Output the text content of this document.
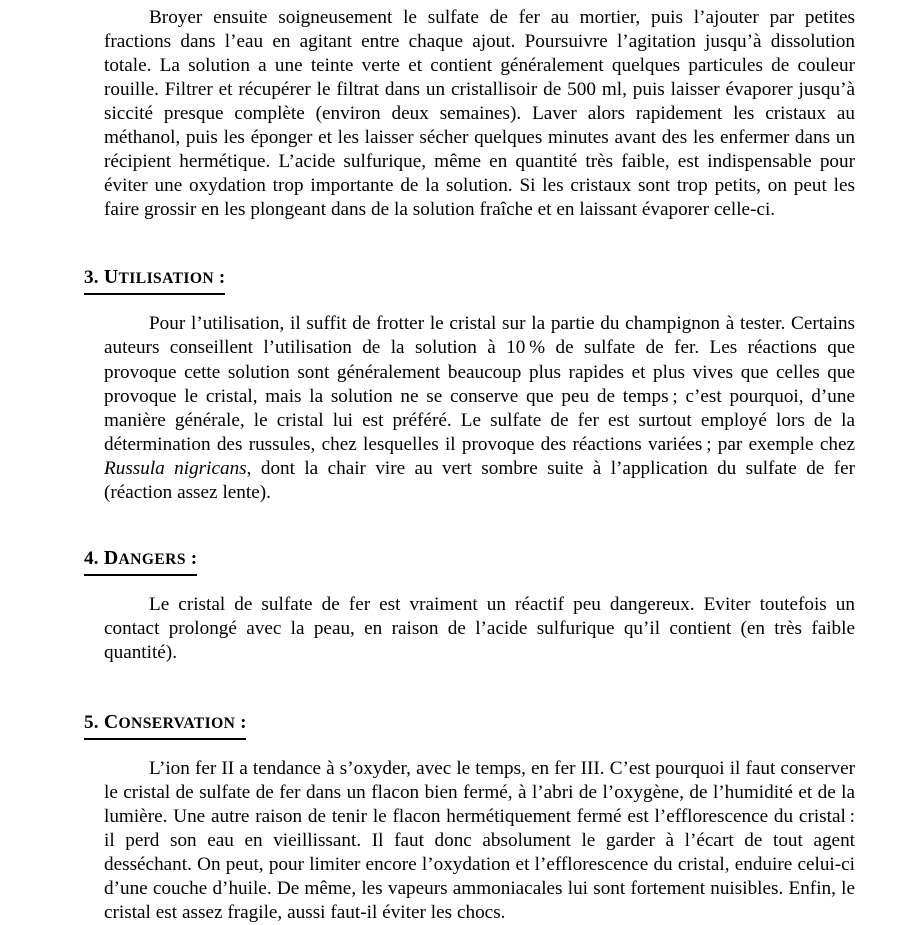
Broyer ensuite soigneusement le sulfate de fer au mortier, puis l’ajouter par petites fractions dans l’eau en agitant entre chaque ajout. Poursuivre l’agitation jusqu’à dissolution totale. La solution a une teinte verte et contient généralement quelques particules de couleur rouille. Filtrer et récupérer le filtrat dans un cristallisoir de 500 ml, puis laisser évaporer jusqu’à siccité presque complète (environ deux semaines). Laver alors rapidement les cristaux au méthanol, puis les éponger et les laisser sécher quelques minutes avant des les enfermer dans un récipient hermétique. L’acide sulfurique, même en quantité très faible, est indispensable pour éviter une oxydation trop importante de la solution. Si les cristaux sont trop petits, on peut les faire grossir en les plongeant dans de la solution fraîche et en laissant évaporer celle-ci.

3. UTILISATION :

Pour l’utilisation, il suffit de frotter le cristal sur la partie du champignon à tester. Certains auteurs conseillent l’utilisation de la solution à 10 % de sulfate de fer. Les réactions que provoque cette solution sont généralement beaucoup plus rapides et plus vives que celles que provoque le cristal, mais la solution ne se conserve que peu de temps ; c’est pourquoi, d’une manière générale, le cristal lui est préféré. Le sulfate de fer est surtout employé lors de la détermination des russules, chez lesquelles il provoque des réactions variées ; par exemple chez Russula nigricans, dont la chair vire au vert sombre suite à l’application du sulfate de fer (réaction assez lente).

4. DANGERS :

Le cristal de sulfate de fer est vraiment un réactif peu dangereux. Eviter toutefois un contact prolongé avec la peau, en raison de l’acide sulfurique qu’il contient (en très faible quantité).

5. CONSERVATION :

L’ion fer II a tendance à s’oxyder, avec le temps, en fer III. C’est pourquoi il faut conserver le cristal de sulfate de fer dans un flacon bien fermé, à l’abri de l’oxygène, de l’humidité et de la lumière. Une autre raison de tenir le flacon hermétiquement fermé est l’efflorescence du cristal : il perd son eau en vieillissant. Il faut donc absolument le garder à l’écart de tout agent desséchant. On peut, pour limiter encore l’oxydation et l’efflorescence du cristal, enduire celui-ci d’une couche d’huile. De même, les vapeurs ammoniacales lui sont fortement nuisibles. Enfin, le cristal est assez fragile, aussi faut-il éviter les chocs.
